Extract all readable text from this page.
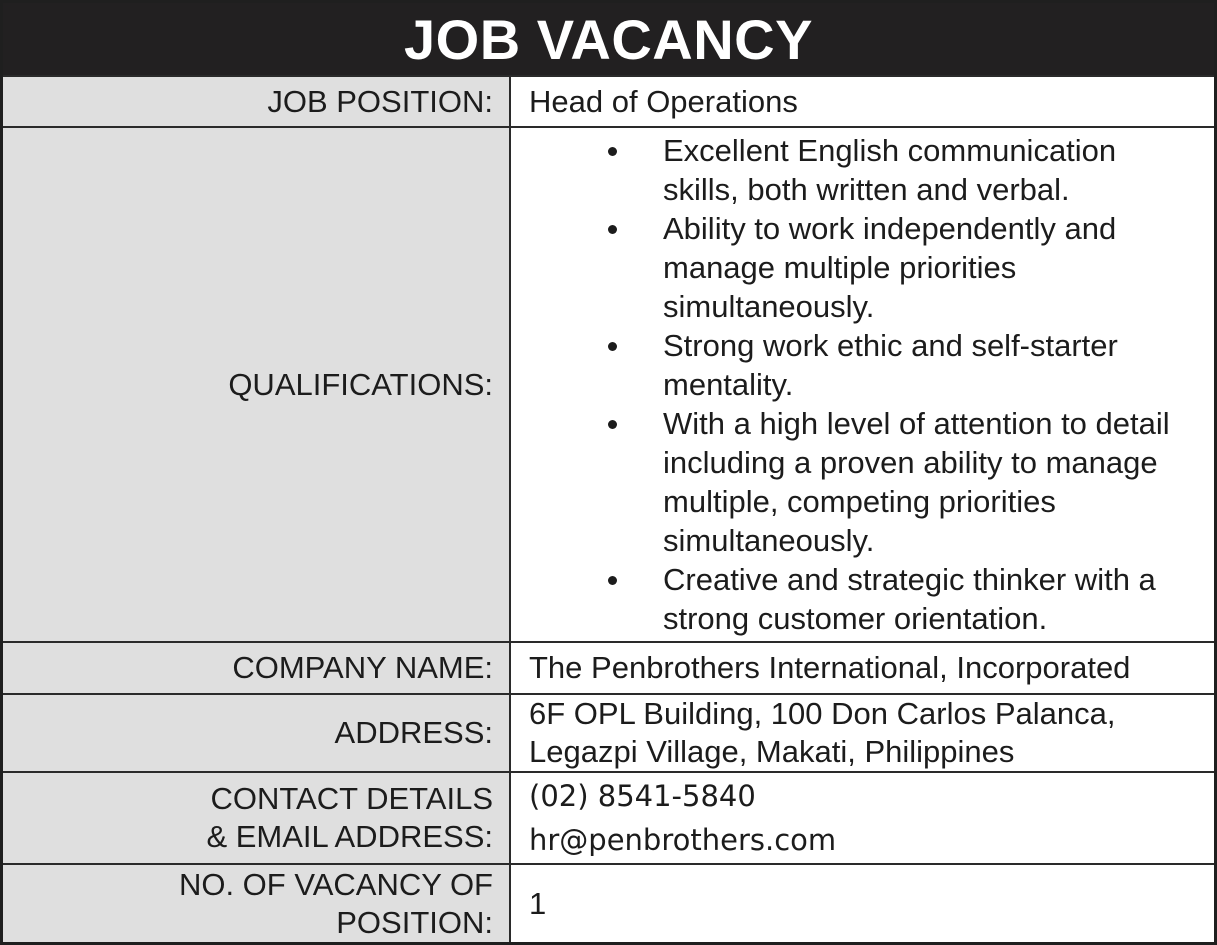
JOB VACANCY
JOB POSITION:	Head of Operations
QUALIFICATIONS:
Excellent English communication
skills, both written and verbal.
Ability to work independently and
manage multiple priorities
simultaneously.
Strong work ethic and self-starter
mentality.
With a high level of attention to detail
including a proven ability to manage
multiple, competing priorities
simultaneously.
Creative and strategic thinker with a
strong customer orientation.
COMPANY NAME:	The Penbrothers International, Incorporated
ADDRESS:
6F OPL Building, 100 Don Carlos Palanca,
Legazpi Village, Makati, Philippines
CONTACT DETAILS
& EMAIL ADDRESS:
(02) 8541-5840
hr@penbrothers.com
NO. OF VACANCY OF
POSITION:
1
